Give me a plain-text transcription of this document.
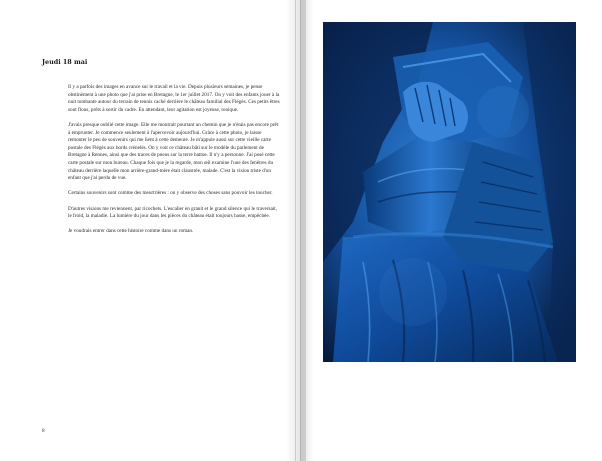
Jeudi 18 mai

Il y a parfois des images en avance sur le travail et la vie. Depuis plusieurs semaines, je pense obstinément à une photo que j'ai prise en Bretagne, le 1er juillet 2017. On y voit des enfants jouer à la nuit tombante autour du terrain de tennis caché derrière le château familial des Flégès. Ces petits êtres sont flous, prêts à sortir du cadre. En attendant, leur agitation est joyeuse, tonique.

J'avais presque oublié cette image. Elle me montrait pourtant un chemin que je n'étais pas encore prêt à emprunter. Je commence seulement à l'apercevoir aujourd'hui. Grâce à cette photo, je laisse remonter le peu de souvenirs qui me lient à cette demeure. Je m'appuie aussi sur cette vieille carte postale des Flégès aux bords crénelés. On y voit ce château bâti sur le modèle du parlement de Bretagne à Rennes, ainsi que des traces de pneus sur la terre battue. Il n'y a personne. J'ai posé cette carte postale sur mon bureau. Chaque fois que je la regarde, mon œil examine l'une des fenêtres du château derrière laquelle mon arrière-grand-mère était claustrée, malade. C'est la vision triste d'un enfant que j'ai perdu de vue.

Certains souvenirs sont comme des meurtrières : on y observe des choses sans pouvoir les toucher.

D'autres visions me reviennent, par ricochets. L'escalier en granit et le grand silence qui le traversait, le froid, la maladie. La lumière du jour dans les pièces du château était toujours basse, empêchée.

Je voudrais entrer dans cette histoire comme dans un roman.

8
